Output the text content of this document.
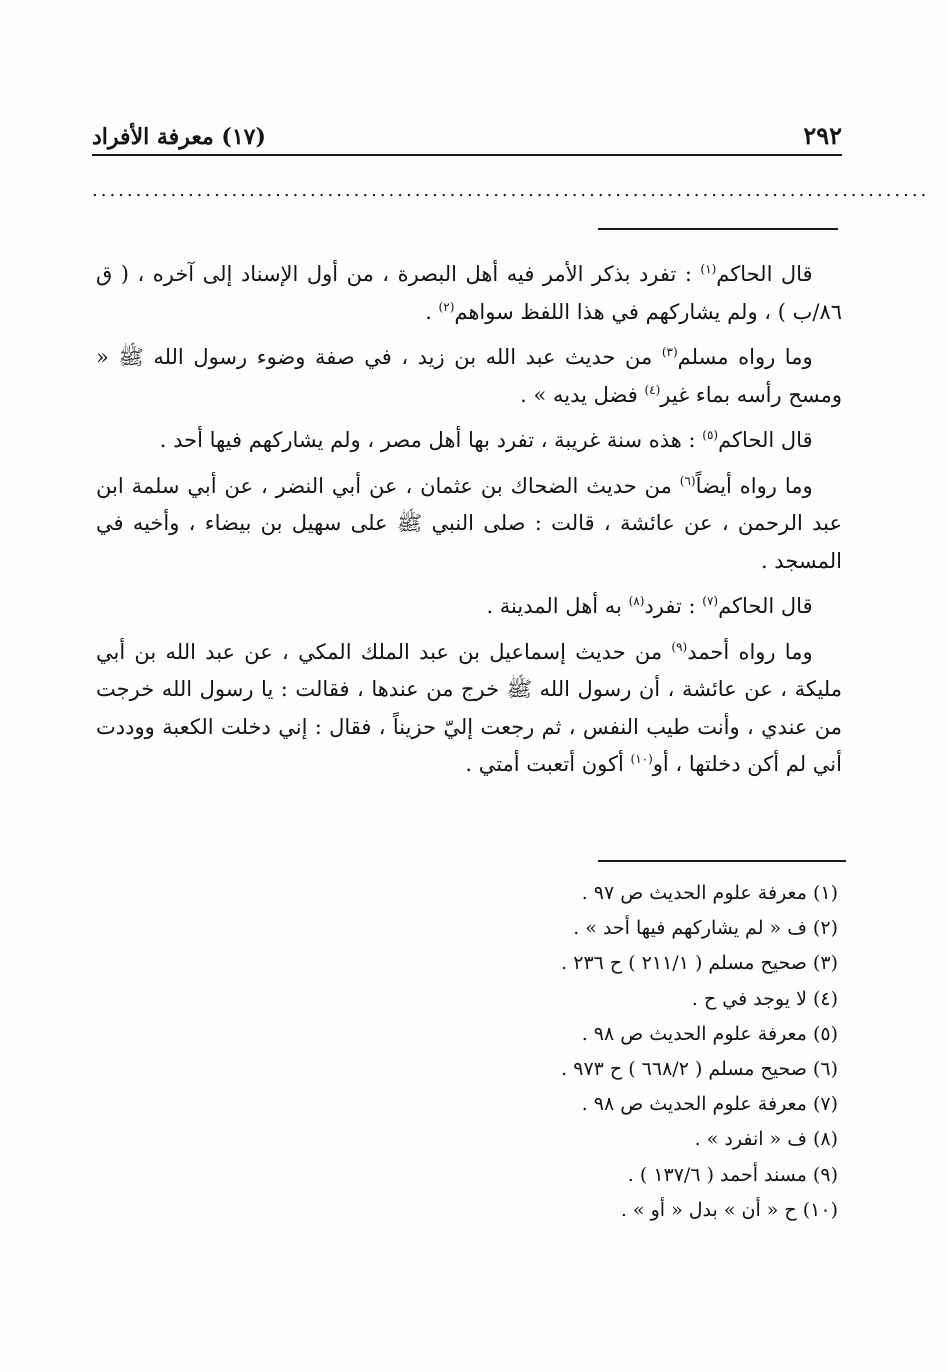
٢٩٢
(١٧) معرفة الأفراد
................................................................................................

قال الحاكم$^{(١)}$ : تفرد بذكر الأمر فيه أهل البصرة ، من أول الإسناد إلى آخره ، ( ق ٨٦/ب ) ، ولم يشاركهم في هذا اللفظ سواهم$^{(٢)}$ .

وما رواه مسلم$^{(٣)}$ من حديث عبد الله بن زيد ، في صفة وضوء رسول الله ﷺ « ومسح رأسه بماء غير$^{(٤)}$ فضل يديه » .

قال الحاكم$^{(٥)}$ : هذه سنة غريبة ، تفرد بها أهل مصر ، ولم يشاركهم فيها أحد .

وما رواه أيضاً$^{(٦)}$ من حديث الضحاك بن عثمان ، عن أبي النضر ، عن أبي سلمة ابن عبد الرحمن ، عن عائشة ، قالت : صلى النبي ﷺ على سهيل بن بيضاء ، وأخيه في المسجد .

قال الحاكم$^{(٧)}$ : تفرد$^{(٨)}$ به أهل المدينة .

وما رواه أحمد$^{(٩)}$ من حديث إسماعيل بن عبد الملك المكي ، عن عبد الله بن أبي مليكة ، عن عائشة ، أن رسول الله ﷺ خرج من عندها ، فقالت : يا رسول الله خرجت من عندي ، وأنت طيب النفس ، ثم رجعت إليّ حزيناً ، فقال : إني دخلت الكعبة ووددت أني لم أكن دخلتها ، أو$^{(١٠)}$ أكون أتعبت أمتي .

(١) معرفة علوم الحديث ص ٩٧ .
(٢) ف « لم يشاركهم فيها أحد » .
(٣) صحيح مسلم ( ٢١١/١ ) ح ٢٣٦ .
(٤) لا يوجد في ح .
(٥) معرفة علوم الحديث ص ٩٨ .
(٦) صحيح مسلم ( ٦٦٨/٢ ) ح ٩٧٣ .
(٧) معرفة علوم الحديث ص ٩٨ .
(٨) ف « انفرد » .
(٩) مسند أحمد ( ١٣٧/٦ ) .
(١٠) ح « أن » بدل « أو » .
